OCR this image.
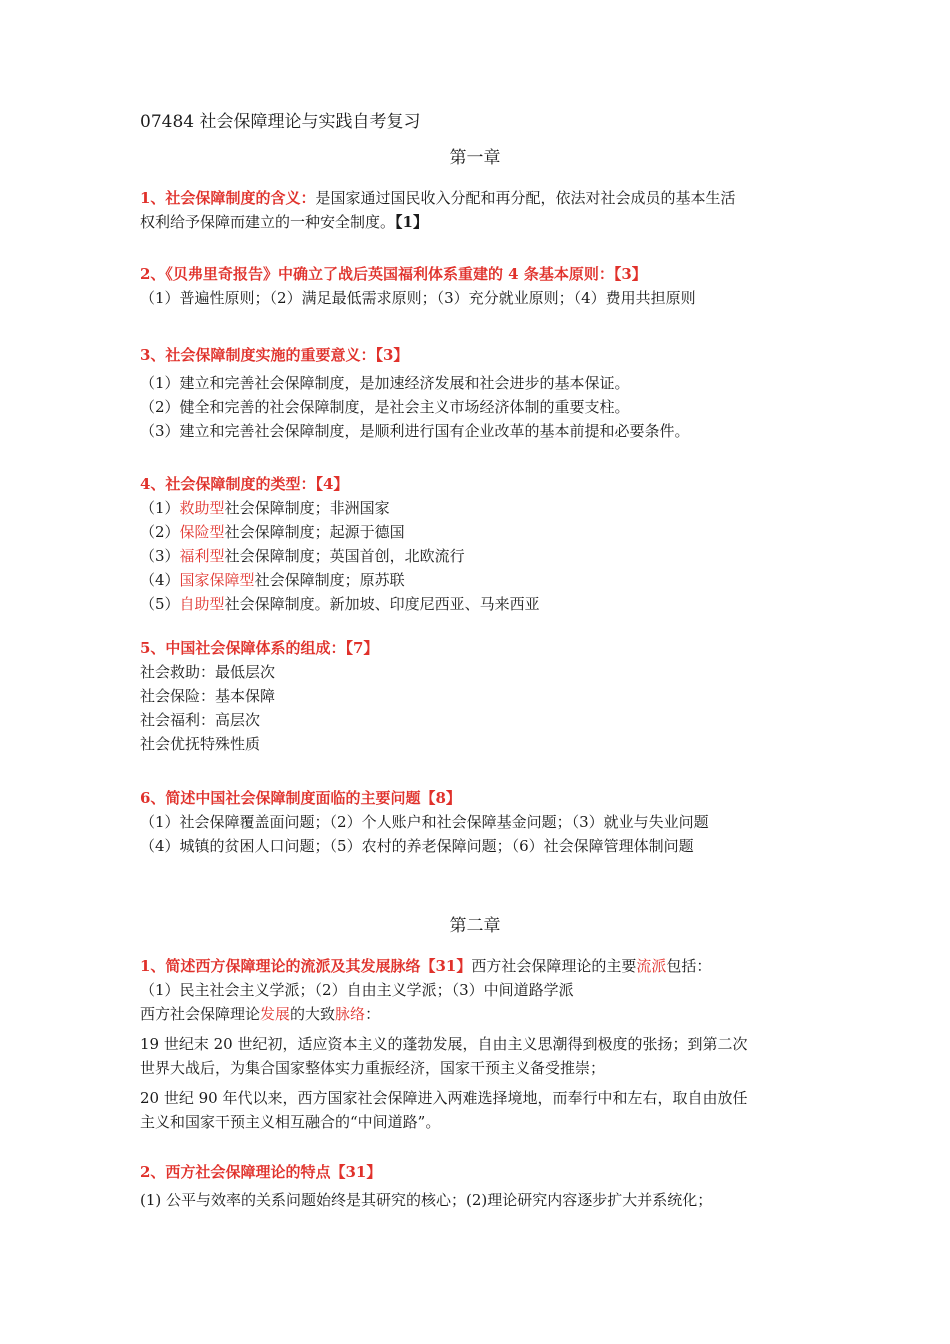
07484 社会保障理论与实践自考复习
第一章
1、社会保障制度的含义：是国家通过国民收入分配和再分配，依法对社会成员的基本生活
权利给予保障而建立的一种安全制度。【1】
2、《贝弗里奇报告》中确立了战后英国福利体系重建的 4 条基本原则：【3】
（1）普遍性原则；（2）满足最低需求原则；（3）充分就业原则；（4）费用共担原则
3、社会保障制度实施的重要意义：【3】
（1）建立和完善社会保障制度，是加速经济发展和社会进步的基本保证。
（2）健全和完善的社会保障制度，是社会主义市场经济体制的重要支柱。
（3）建立和完善社会保障制度，是顺利进行国有企业改革的基本前提和必要条件。
4、社会保障制度的类型：【4】
（1）救助型社会保障制度；非洲国家
（2）保险型社会保障制度；起源于德国
（3）福利型社会保障制度；英国首创，北欧流行
（4）国家保障型社会保障制度；原苏联
（5）自助型社会保障制度。新加坡、印度尼西亚、马来西亚
5、中国社会保障体系的组成：【7】
社会救助：最低层次
社会保险：基本保障
社会福利：高层次
社会优抚特殊性质
6、简述中国社会保障制度面临的主要问题【8】
（1）社会保障覆盖面问题；（2）个人账户和社会保障基金问题；（3）就业与失业问题
（4）城镇的贫困人口问题；（5）农村的养老保障问题；（6）社会保障管理体制问题
第二章
1、简述西方保障理论的流派及其发展脉络【31】西方社会保障理论的主要流派包括：
（1）民主社会主义学派；（2）自由主义学派；（3）中间道路学派
西方社会保障理论发展的大致脉络：
19 世纪末 20 世纪初，适应资本主义的蓬勃发展，自由主义思潮得到极度的张扬；到第二次
世界大战后，为集合国家整体实力重振经济，国家干预主义备受推崇；
20 世纪 90 年代以来，西方国家社会保障进入两难选择境地，而奉行中和左右，取自由放任
主义和国家干预主义相互融合的“中间道路”。
2、西方社会保障理论的特点【31】
(1) 公平与效率的关系问题始终是其研究的核心；(2)理论研究内容逐步扩大并系统化；
